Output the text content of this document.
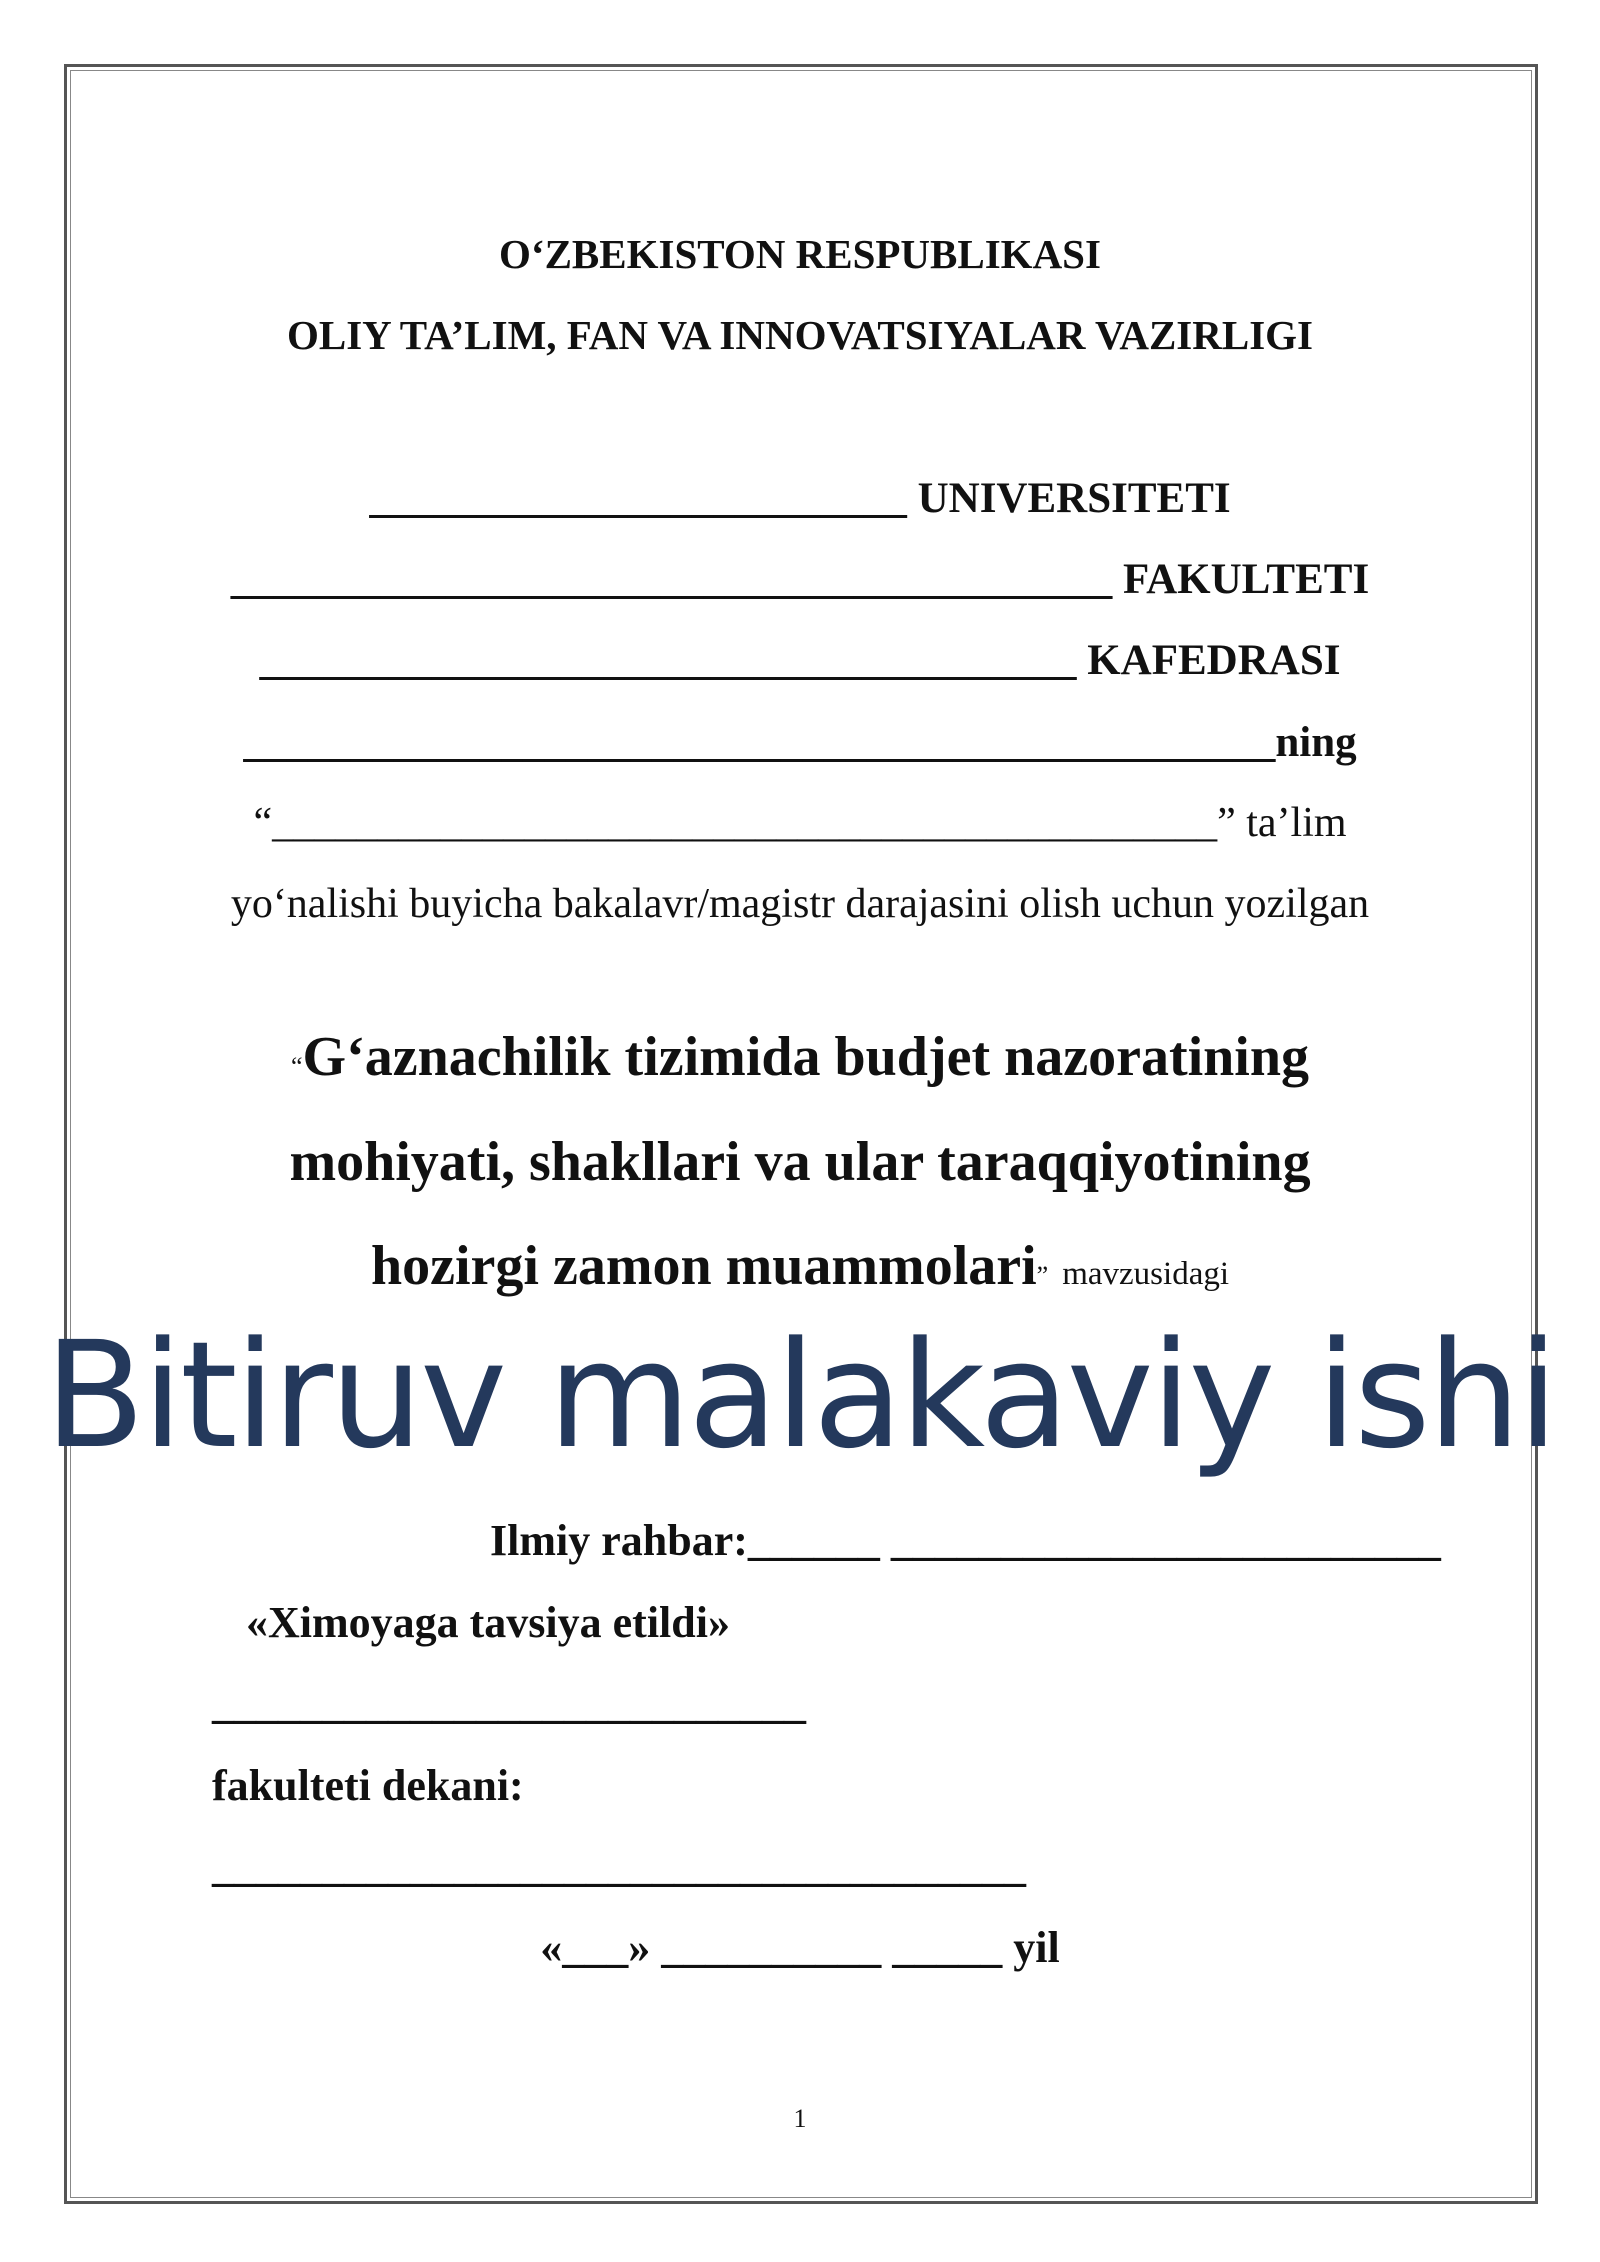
O‘ZBEKISTON RESPUBLIKASI
OLIY TA’LIM, FAN VA INNOVATSIYALAR VAZIRLIGI
_________________________ UNIVERSITETI
_________________________________________ FAKULTETI
______________________________________ KAFEDRASI
________________________________________________ning
“_____________________________________________” ta’lim
yo‘nalishi buyicha bakalavr/magistr darajasini olish uchun yozilgan
“G‘aznachilik tizimida budjet nazoratining
mohiyati, shakllari va ular taraqqiyotining
hozirgi zamon muammolari” mavzusidagi
Bitiruv malakaviy ishi
Ilmiy rahbar:______ _________________________
«Ximoyaga tavsiya etildi»
___________________________
fakulteti dekani:
_____________________________________
«___» __________ _____ yil
1
